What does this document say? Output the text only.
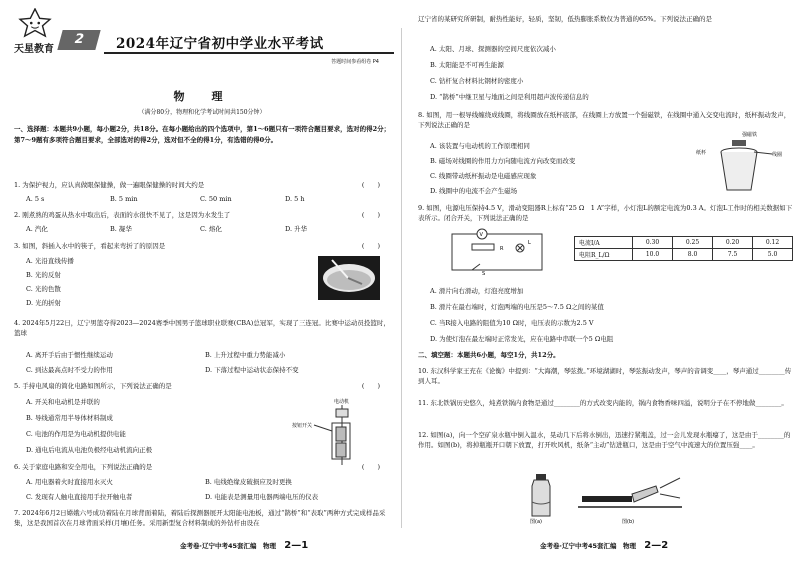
天星教育
2	2024年辽宁省初中学业水平考试
答题时间参看组卷 P4
物　理
（满分80分，物理和化学考试时间共150分钟）
一、选择题：本题共9小题，每小题2分，共18分。在每小题给出的四个选项中，第1～6题只有一项符合题目要求，选对的得2分；第7～9题有多项符合题目要求，全部选对的得2分，选对但不全的得1分，有选错的得0分。
1. 为保护视力，应认真做眼保健操，做一遍眼保健操的时间大约是	(　　)
A. 5 s	B. 5 min	C. 50 min	D. 5 h
2. 刚煮熟的鸡蛋从热水中取出后，表面的水很快不见了，这是因为水发生了	(　　)
A. 汽化	B. 凝华	C. 熔化	D. 升华
3. 如图，斜插入水中的筷子，看起来弯折了的原因是	(　　)
A. 光沿直线传播
B. 光的反射
C. 光的色散
D. 光的折射
4. 2024年5月22日，辽宁男篮夺得2023—2024赛季中国男子篮球职业联赛(CBA)总冠军，实现了三连冠。比赛中运动员投篮时，篮球
A. 离开手后由于惯性继续运动	B. 上升过程中重力势能减小
C. 到达最高点时不受力的作用	D. 下落过程中运动状态保持不变
5. 手持电风扇的简化电路如图所示，下列说法正确的是	(　　)
A. 开关和电动机是并联的
B. 导线通常用半导体材料制成
C. 电池的作用是为电动机提供电能
D. 通电后电流从电池负极经电动机流向正极
电动机
按钮开关
6. 关于家庭电路和安全用电，下列说法正确的是	(　　)
A. 用电器着火时直接用水灭火	B. 电线绝缘皮破损应及时更换
C. 发现有人触电直接用手拉开触电者	D. 电能表是测量用电器两端电压的仪表
7. 2024年6月2日嫦娥六号成功着陆在月球背面着陆，着陆后探测器展开太阳能电池板，通过“鹊桥”和“表取”两种方式完成样品采集，这是我国首次在月球背面采样(月壤)任务。采用新型复合材料制成的外钻杆由设在
金考卷·辽宁中考45套汇编　物理 2—1
辽宁省的某研究所研制，耐热性能好，轻质，坚韧，低热膨胀系数仅为普通的65%。下列说法正确的是
A. 太阳、月球、探测器的空间尺度依次减小
B. 太阳能是不可再生能源
C. 钻杆复合材料比钢材的密度小
D. “鹊桥”中继卫星与地面之间是利用超声波传递信息的
8. 如图，用一根导线缠绕成线圈，将线圈放在纸杯底部，在线圈上方放置一个强磁铁，在线圈中通入交变电流时，纸杯振动发声，下列说法正确的是
A. 该装置与电动机的工作原理相同
B. 磁场对线圈的作用力方向随电流方向改变而改变
C. 线圈带动纸杯振动是电磁感应现象
D. 线圈中的电流不会产生磁场
强磁铁
纸杯	线圈
9. 如图，电源电压保持4.5 V，滑动变阻器R上标有“25 Ω　1 A”字样，小灯泡L的额定电流为0.3 A。灯泡L工作时的相关数据如下表所示。闭合开关，下列说法正确的是
V
R
L
S
电流I/A	0.30	0.25	0.20	0.12
电阻R_L/Ω	10.0	8.0	7.5	5.0
A. 滑片向右滑动，灯泡亮度增加
B. 滑片在最右端时，灯泡两端的电压是5～7.5 Ω之间的某值
C. 当R接入电路的阻值为10 Ω时，电压表的示数为2.5 V
D. 为使灯泡在最左端时正常发光，应在电路中串联一个5 Ω电阻
二、填空题：本题共6小题，每空1分，共12分。
10. 东汉科学家王充在《论衡》中提到：“大海潮，琴弦拨。”环境湖湖时，琴弦振动发声，琴声的音调变____，琴声通过________传到人耳。
11. 东北铁锅历史悠久，炖煮铁锅内食物是通过________的方式改变内能的，锅内食物香味四溢，说明分子在不停地做________。
12. 如图(a)，向一个空矿泉水瓶中倒入温水，晃动几下后将水倒出，迅速拧紧瓶盖，过一会儿发现水瓶瘪了，这是由于________的作用。如图(b)，将掉瓶瓶开口朝下放置，打开吹风机，纸条“主动”钻进瓶口，这是由于空气中流速大的位置压强____。
图(a)	图(b)
金考卷·辽宁中考45套汇编　物理 2—2
